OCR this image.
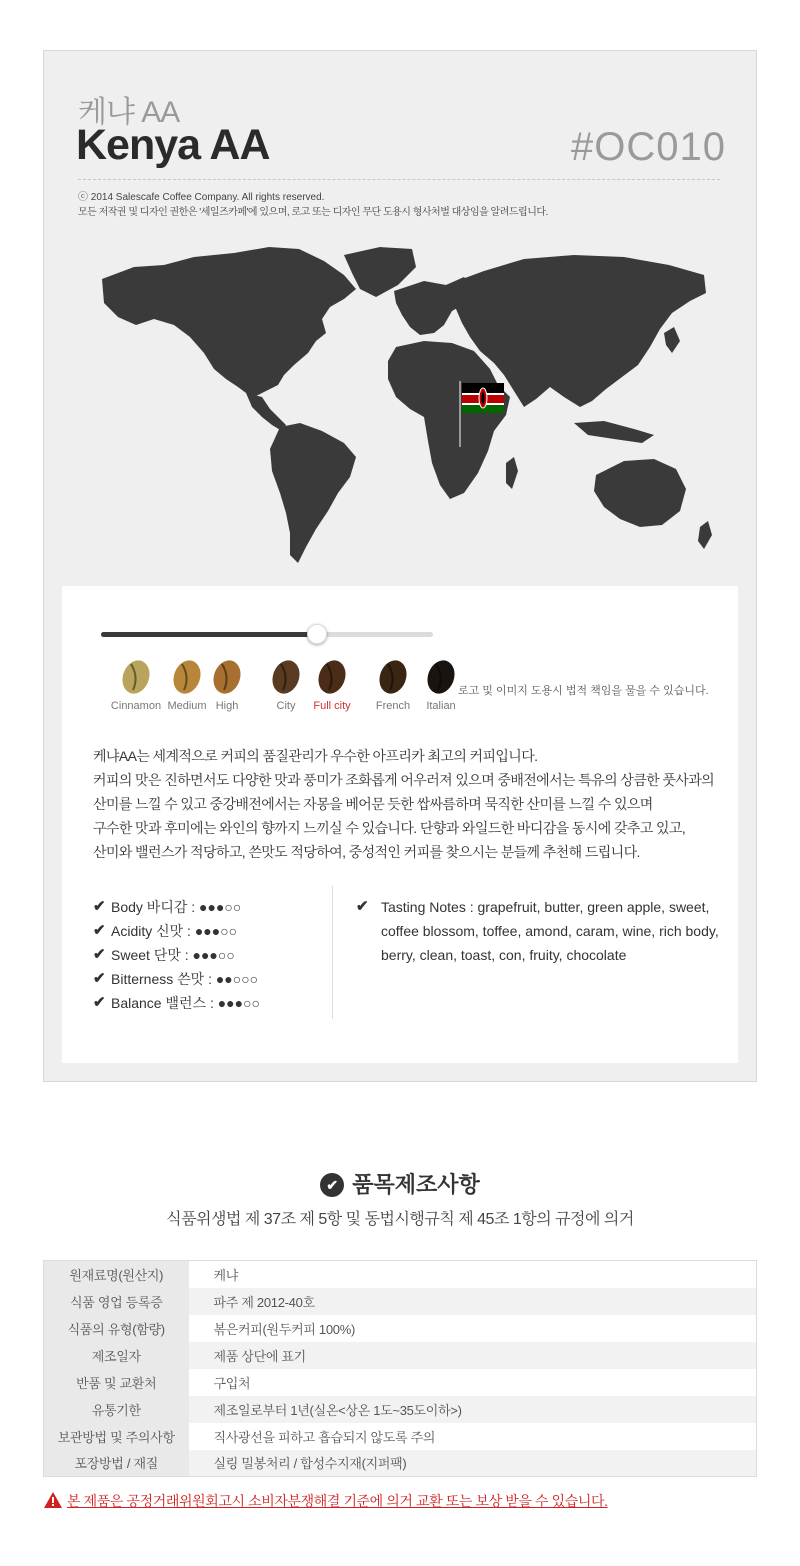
케냐 AA
Kenya AA	#OC010
ⓒ 2014 Salescafe Coffee Company. All rights reserved.
모든 저작권 및 디자인 권한은 '세일즈카페'에 있으며, 로고 또는 디자인 무단 도용시 형사처벌 대상임을 알려드립니다.
Cinnamon Medium High	City Full city French Italian
로고 및 이미지 도용시 법적 책임을 물을 수 있습니다.
케냐AA는 세계적으로 커피의 품질관리가 우수한 아프리카 최고의 커피입니다.
커피의 맛은 진하면서도 다양한 맛과 풍미가 조화롭게 어우러져 있으며 중배전에서는 특유의 상큼한 풋사과의
산미를 느낄 수 있고 중강배전에서는 자몽을 베어문 듯한 쌉싸름하며 묵직한 산미를 느낄 수 있으며
구수한 맛과 후미에는 와인의 향까지 느끼실 수 있습니다. 단향과 와일드한 바디감을 동시에 갖추고 있고,
산미와 밸런스가 적당하고, 쓴맛도 적당하여, 중성적인 커피를 찾으시는 분들께 추천해 드립니다.
✔ Body 바디감 : ●●●○○
✔ Acidity 신맛 : ●●●○○
✔ Sweet 단맛 : ●●●○○
✔ Bitterness 쓴맛 : ●●○○○
✔ Balance 밸런스 : ●●●○○
✔ Tasting Notes : grapefruit, butter, green apple, sweet, coffee blossom, toffee, amond, caram, wine, rich body, berry, clean, toast, con, fruity, chocolate
✔ 품목제조사항
식품위생법 제 37조 제 5항 및 동법시행규칙 제 45조 1항의 규정에 의거
원재료명(원산지)	케냐
식품 영업 등록증	파주 제 2012-40호
식품의 유형(함량)	볶은커피(원두커피 100%)
제조일자	제품 상단에 표기
반품 및 교환처	구입처
유통기한	제조일로부터 1년(실온<상온 1도~35도이하>)
보관방법 및 주의사항	직사광선을 피하고 흡습되지 않도록 주의
포장방법 / 재질	실링 밀봉처리 / 합성수지재(지퍼팩)
본 제품은 공정거래위원회고시 소비자분쟁해결 기준에 의거 교환 또는 보상 받을 수 있습니다.
